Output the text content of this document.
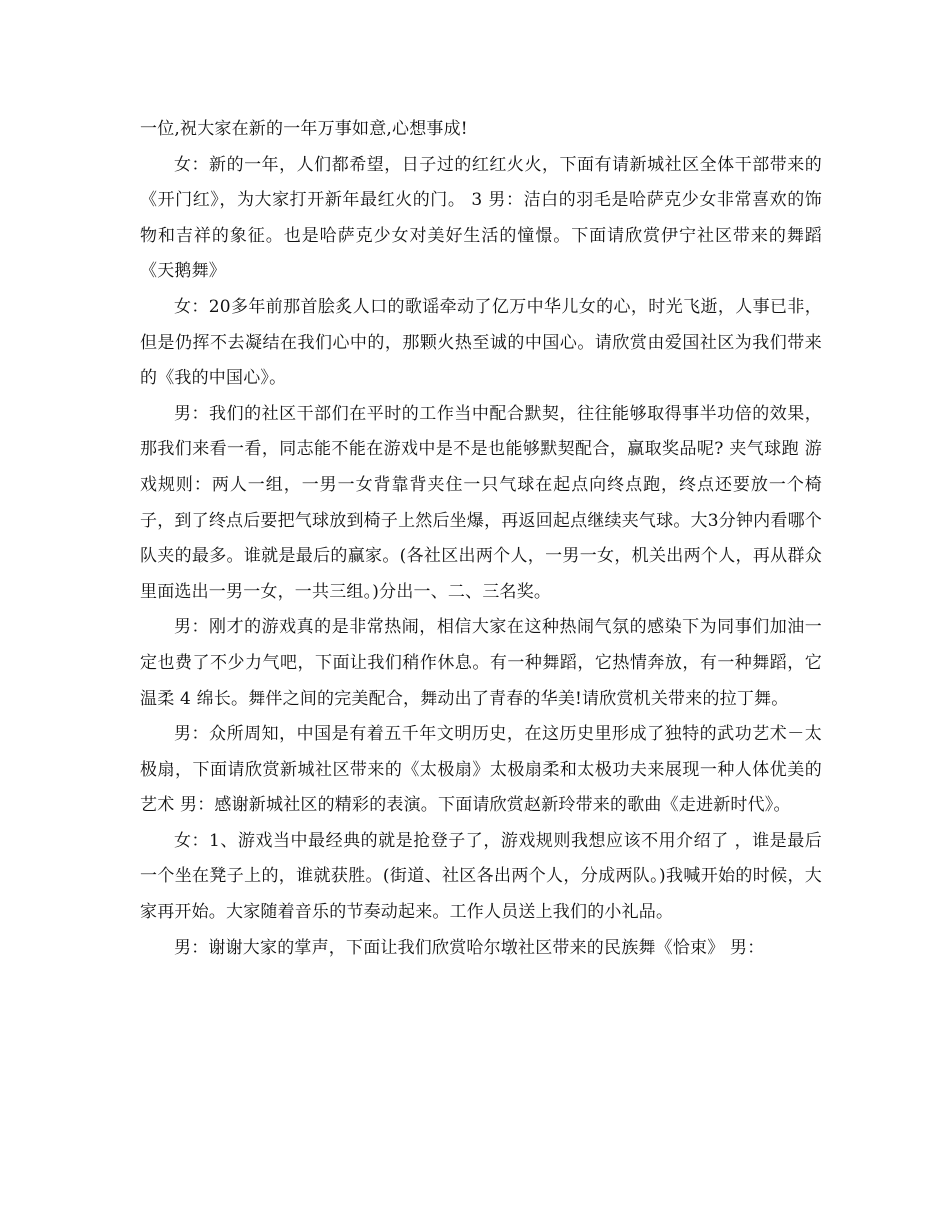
一位,祝大家在新的一年万事如意,心想事成!

女：新的一年，人们都希望，日子过的红红火火，下面有请新城社区全体干部带来的《开门红》，为大家打开新年最红火的门。 3 男：洁白的羽毛是哈萨克少女非常喜欢的饰物和吉祥的象征。也是哈萨克少女对美好生活的憧憬。下面请欣赏伊宁社区带来的舞蹈《天鹅舞》

女：20多年前那首脍炙人口的歌谣牵动了亿万中华儿女的心，时光飞逝，人事已非，但是仍挥不去凝结在我们心中的，那颗火热至诚的中国心。请欣赏由爱国社区为我们带来的《我的中国心》。

男：我们的社区干部们在平时的工作当中配合默契，往往能够取得事半功倍的效果，那我们来看一看，同志能不能在游戏中是不是也能够默契配合，赢取奖品呢? 夹气球跑 游戏规则：两人一组，一男一女背靠背夹住一只气球在起点向终点跑，终点还要放一个椅子，到了终点后要把气球放到椅子上然后坐爆，再返回起点继续夹气球。大3分钟内看哪个队夹的最多。谁就是最后的赢家。(各社区出两个人，一男一女，机关出两个人，再从群众里面选出一男一女，一共三组。)分出一、二、三名奖。

男：刚才的游戏真的是非常热闹，相信大家在这种热闹气氛的感染下为同事们加油一定也费了不少力气吧，下面让我们稍作休息。有一种舞蹈，它热情奔放，有一种舞蹈，它温柔 4 绵长。舞伴之间的完美配合，舞动出了青春的华美!请欣赏机关带来的拉丁舞。

男：众所周知，中国是有着五千年文明历史，在这历史里形成了独特的武功艺术－太极扇，下面请欣赏新城社区带来的《太极扇》太极扇柔和太极功夫来展现一种人体优美的艺术 男：感谢新城社区的精彩的表演。下面请欣赏赵新玲带来的歌曲《走进新时代》。

女：1、游戏当中最经典的就是抢登子了，游戏规则我想应该不用介绍了 ，谁是最后一个坐在凳子上的，谁就获胜。(街道、社区各出两个人，分成两队。)我喊开始的时候，大家再开始。大家随着音乐的节奏动起来。工作人员送上我们的小礼品。

男：谢谢大家的掌声，下面让我们欣赏哈尔墩社区带来的民族舞《恰束》 男：
